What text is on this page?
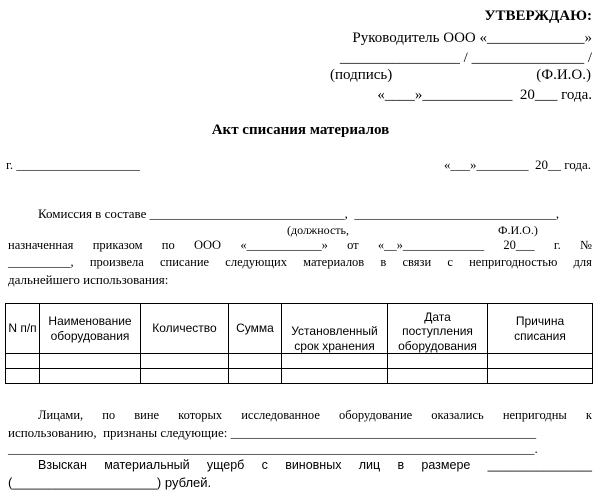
УТВЕРЖДАЮ:
Руководитель ООО «_____________»
________________ / _______________ /
(подпись)	(Ф.И.О.)
«____»____________  20___ года.
Акт списания материалов
г. ___________________	«___»________  20__ года.
Комиссия в составе ______________________________,  _______________________________,
(должность,	Ф.И.О.)
назначенная приказом по ООО «____________» от «__»_____________ 20___ г. №
__________, произвела списание следующих материалов в связи с непригодностью для
дальнейшего использования:
N п/п	Наименование оборудования	Количество	Сумма	Установленный срок хранения	Дата поступления оборудования	Причина списания

Лицами, по вине которых исследованное оборудование оказались непригодны к
использованию,  признаны следующие: _______________________________________________
_________________________________________________________________________________.
Взыскан материальный ущерб с виновных лиц в размере _______________
(____________________) рублей.
